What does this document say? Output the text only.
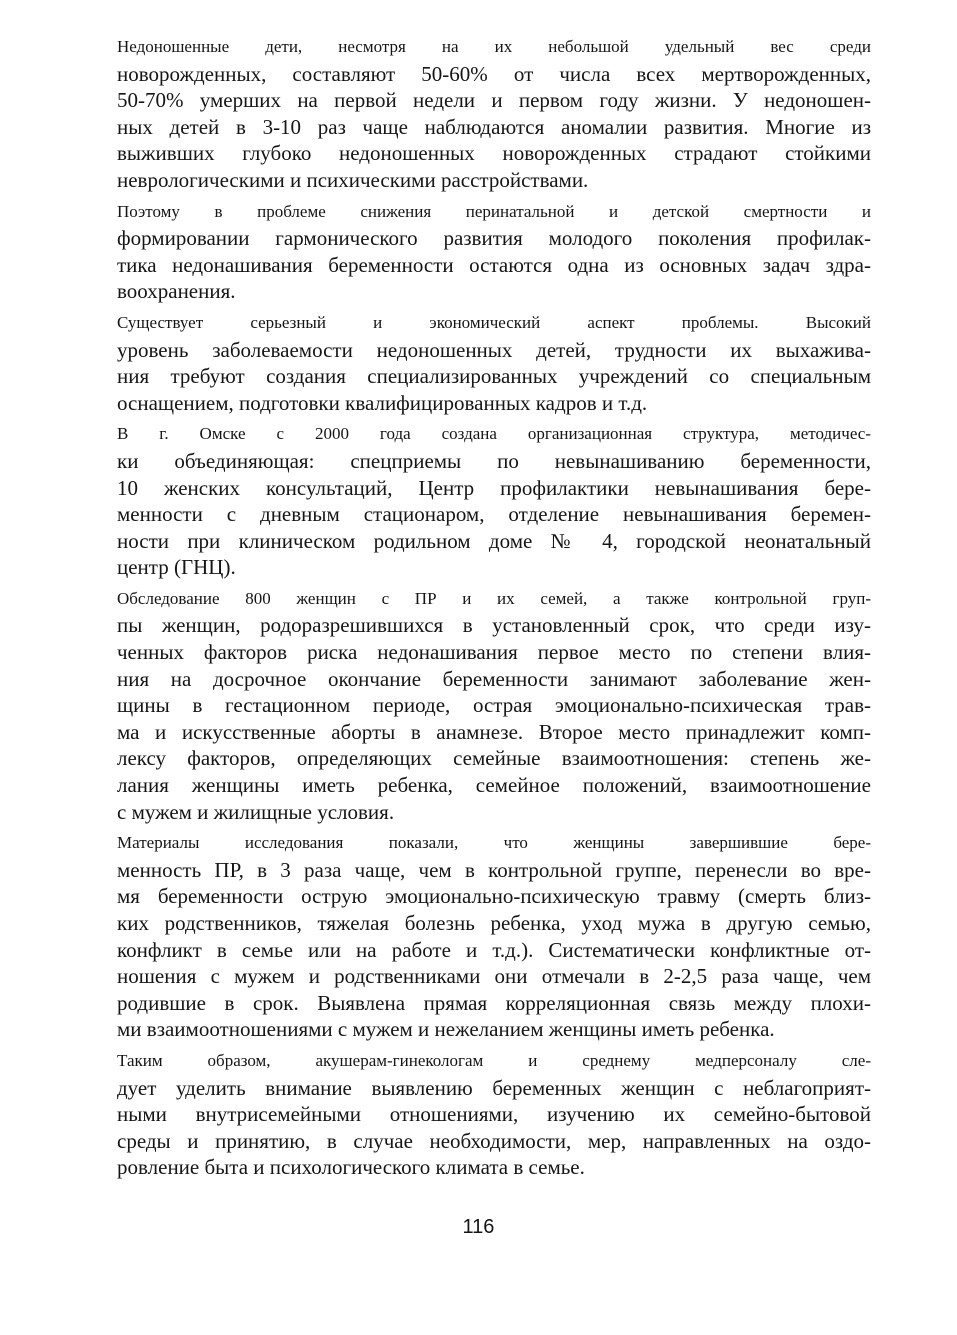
Недоношенные дети, несмотря на их небольшой удельный вес среди
новорожденных, составляют 50-60% от числа всех мертворожденных,
50-70% умерших на первой недели и первом году жизни. У недоношен-
ных детей в 3-10 раз чаще наблюдаются аномалии развития. Многие из
выживших глубоко недоношенных новорожденных страдают стойкими
неврологическими и психическими расстройствами.
Поэтому в проблеме снижения перинатальной и детской смертности и
формировании гармонического развития молодого поколения профилак-
тика недонашивания беременности остаются одна из основных задач здра-
воохранения.
Существует серьезный и экономический аспект проблемы. Высокий
уровень заболеваемости недоношенных детей, трудности их выхажива-
ния требуют создания специализированных учреждений со специальным
оснащением, подготовки квалифицированных кадров и т.д.
В г. Омске с 2000 года создана организационная структура, методичес-
ки объединяющая: спецприемы по невынашиванию беременности,
10 женских консультаций, Центр профилактики невынашивания бере-
менности с дневным стационаром, отделение невынашивания беремен-
ности при клиническом родильном доме № 4, городской неонатальный
центр (ГНЦ).
Обследование 800 женщин с ПР и их семей, а также контрольной груп-
пы женщин, родоразрешившихся в установленный срок, что среди изу-
ченных факторов риска недонашивания первое место по степени влия-
ния на досрочное окончание беременности занимают заболевание жен-
щины в гестационном периоде, острая эмоционально-психическая трав-
ма и искусственные аборты в анамнезе. Второе место принадлежит комп-
лексу факторов, определяющих семейные взаимоотношения: степень же-
лания женщины иметь ребенка, семейное положений, взаимоотношение
с мужем и жилищные условия.
Материалы исследования показали, что женщины завершившие бере-
менность ПР, в 3 раза чаще, чем в контрольной группе, перенесли во вре-
мя беременности острую эмоционально-психическую травму (смерть близ-
ких родственников, тяжелая болезнь ребенка, уход мужа в другую семью,
конфликт в семье или на работе и т.д.). Систематически конфликтные от-
ношения с мужем и родственниками они отмечали в 2-2,5 раза чаще, чем
родившие в срок. Выявлена прямая корреляционная связь между плохи-
ми взаимоотношениями с мужем и нежеланием женщины иметь ребенка.
Таким образом, акушерам-гинекологам и среднему медперсоналу сле-
дует уделить внимание выявлению беременных женщин с неблагоприят-
ными внутрисемейными отношениями, изучению их семейно-бытовой
среды и принятию, в случае необходимости, мер, направленных на оздо-
ровление быта и психологического климата в семье.
116
